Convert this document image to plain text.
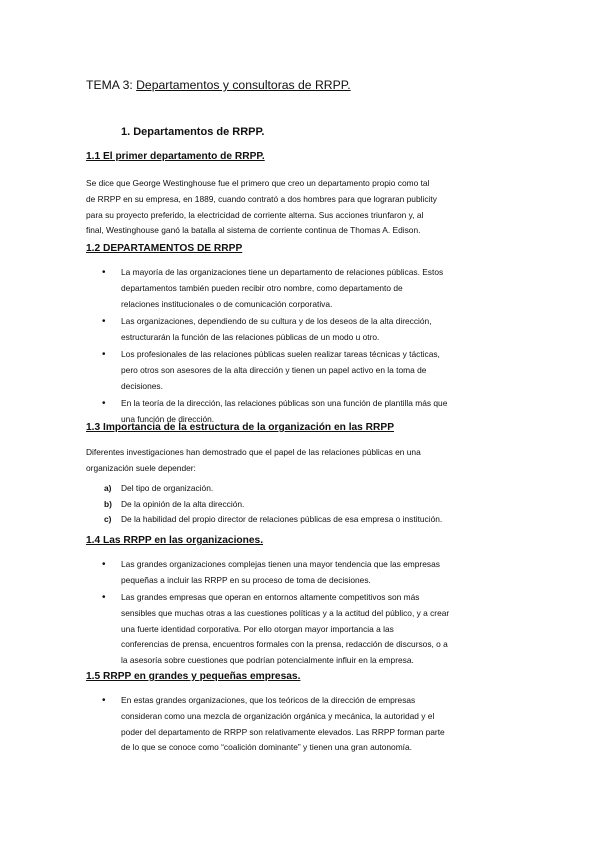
TEMA 3: Departamentos y consultoras de RRPP.
1. Departamentos de RRPP.
1.1 El primer departamento de RRPP.
Se dice que George Westinghouse fue el primero que creo un departamento propio como tal
de RRPP en su empresa, en 1889, cuando contrató a dos hombres para que lograran publicity
para su proyecto preferido, la electricidad de corriente alterna. Sus acciones triunfaron y, al
final, Westinghouse ganó la batalla al sistema de corriente continua de Thomas A. Edison.
1.2 DEPARTAMENTOS DE RRPP
• La mayoría de las organizaciones tiene un departamento de relaciones públicas. Estos
departamentos también pueden recibir otro nombre, como departamento de
relaciones institucionales o de comunicación corporativa.
• Las organizaciones, dependiendo de su cultura y de los deseos de la alta dirección,
estructurarán la función de las relaciones públicas de un modo u otro.
• Los profesionales de las relaciones públicas suelen realizar tareas técnicas y tácticas,
pero otros son asesores de la alta dirección y tienen un papel activo en la toma de
decisiones.
• En la teoría de la dirección, las relaciones públicas son una función de plantilla más que
una función de dirección.
1.3 Importancia de la estructura de la organización en las RRPP
Diferentes investigaciones han demostrado que el papel de las relaciones públicas en una
organización suele depender:
a) Del tipo de organización.
b) De la opinión de la alta dirección.
c) De la habilidad del propio director de relaciones públicas de esa empresa o institución.
1.4 Las RRPP en las organizaciones.
• Las grandes organizaciones complejas tienen una mayor tendencia que las empresas
pequeñas a incluir las RRPP en su proceso de toma de decisiones.
• Las grandes empresas que operan en entornos altamente competitivos son más
sensibles que muchas otras a las cuestiones políticas y a la actitud del público, y a crear
una fuerte identidad corporativa. Por ello otorgan mayor importancia a las
conferencias de prensa, encuentros formales con la prensa, redacción de discursos, o a
la asesoría sobre cuestiones que podrían potencialmente influir en la empresa.
1.5 RRPP en grandes y pequeñas empresas.
• En estas grandes organizaciones, que los teóricos de la dirección de empresas
consideran como una mezcla de organización orgánica y mecánica, la autoridad y el
poder del departamento de RRPP son relativamente elevados. Las RRPP forman parte
de lo que se conoce como “coalición dominante” y tienen una gran autonomía.
